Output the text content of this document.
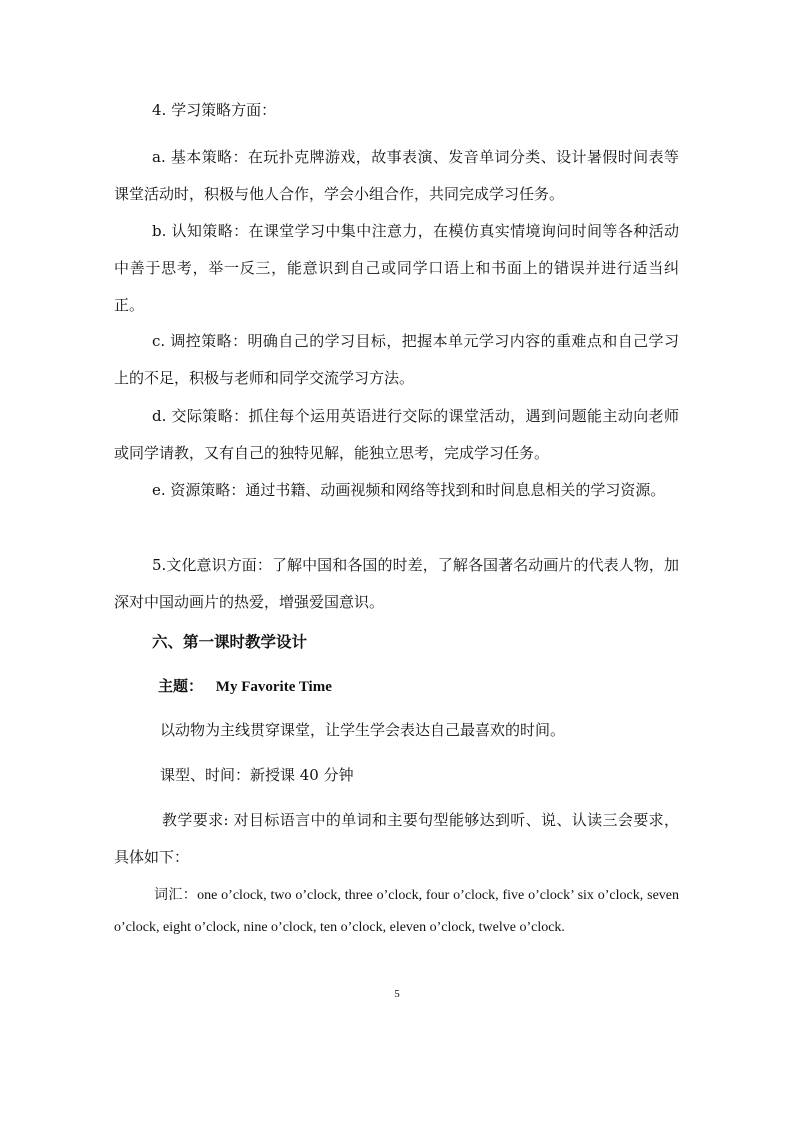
4. 学习策略方面：

a. 基本策略：在玩扑克牌游戏，故事表演、发音单词分类、设计暑假时间表等课堂活动时，积极与他人合作，学会小组合作，共同完成学习任务。

b. 认知策略：在课堂学习中集中注意力，在模仿真实情境询问时间等各种活动中善于思考，举一反三，能意识到自己或同学口语上和书面上的错误并进行适当纠正。

c. 调控策略：明确自己的学习目标，把握本单元学习内容的重难点和自己学习上的不足，积极与老师和同学交流学习方法。

d. 交际策略：抓住每个运用英语进行交际的课堂活动，遇到问题能主动向老师或同学请教，又有自己的独特见解，能独立思考，完成学习任务。

e. 资源策略：通过书籍、动画视频和网络等找到和时间息息相关的学习资源。

5.文化意识方面：了解中国和各国的时差，了解各国著名动画片的代表人物，加深对中国动画片的热爱，增强爱国意识。

六、第一课时教学设计

主题： My Favorite Time

以动物为主线贯穿课堂，让学生学会表达自己最喜欢的时间。

课型、时间：新授课 40 分钟

教学要求: 对目标语言中的单词和主要句型能够达到听、说、认读三会要求，具体如下：

词汇：one o’clock, two o’clock, three o’clock, four o’clock, five o’clock’ six o’clock, seven o’clock, eight o’clock, nine o’clock, ten o’clock, eleven o’clock, twelve o’clock.

5
